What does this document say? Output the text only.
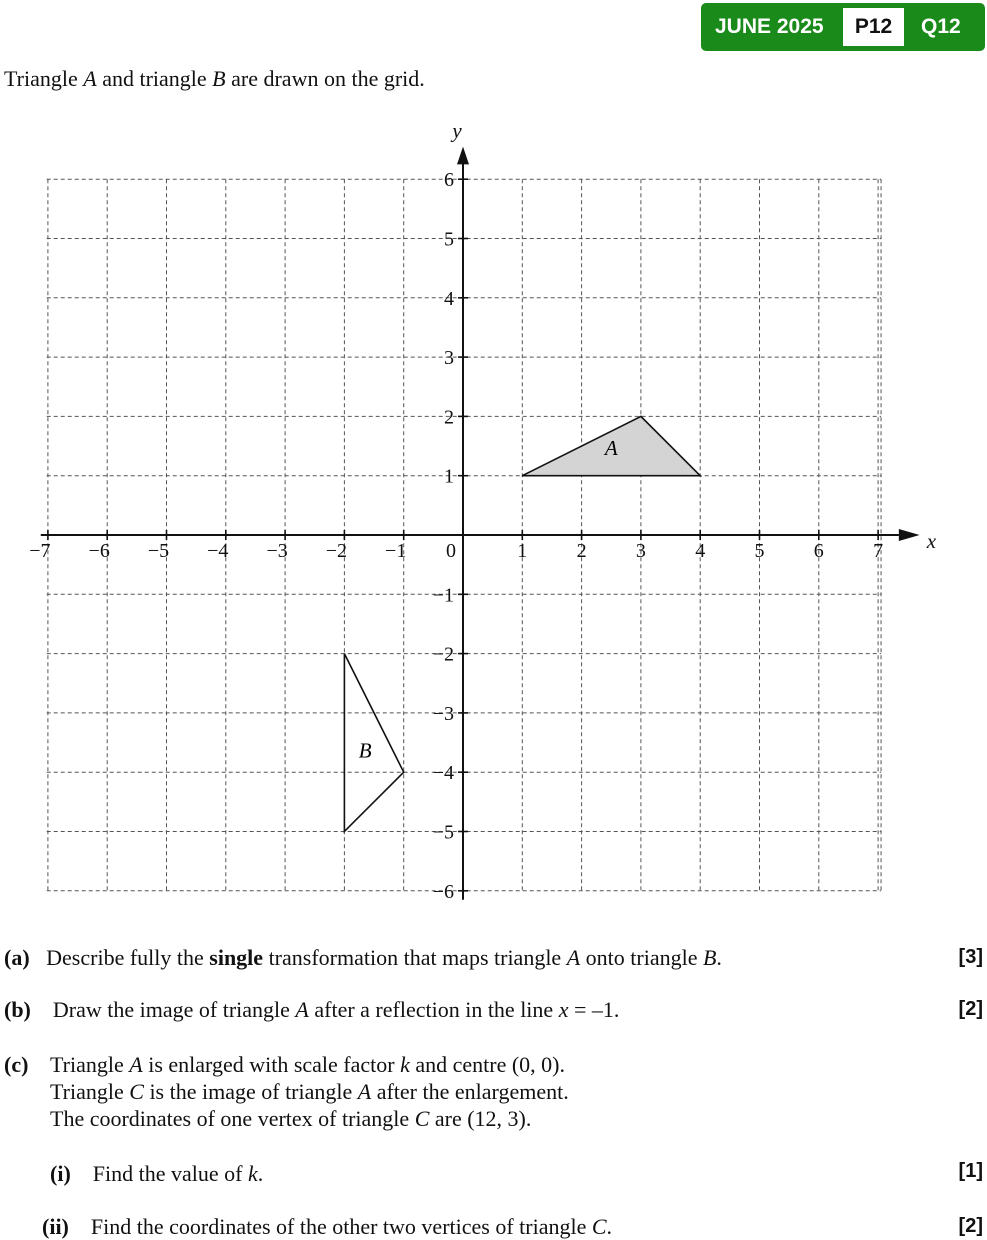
JUNE 2025	P12	Q12
Triangle A and triangle B are drawn on the grid.
A
B
−7 −6 −5 −4 −3 −2 −1 0	1 2 3 4 5 6 7
6
5
4
3
2
1
−1
−2
−3
−4
−5
−6
x
y
(a) Describe fully the single transformation that maps triangle A onto triangle B.	[3]
(b) Draw the image of triangle A after a reflection in the line x = –1.	[2]
(c) Triangle A is enlarged with scale factor k and centre (0, 0).
Triangle C is the image of triangle A after the enlargement.
The coordinates of one vertex of triangle C are (12, 3).
(i) Find the value of k.	[1]
(ii) Find the coordinates of the other two vertices of triangle C.	[2]
